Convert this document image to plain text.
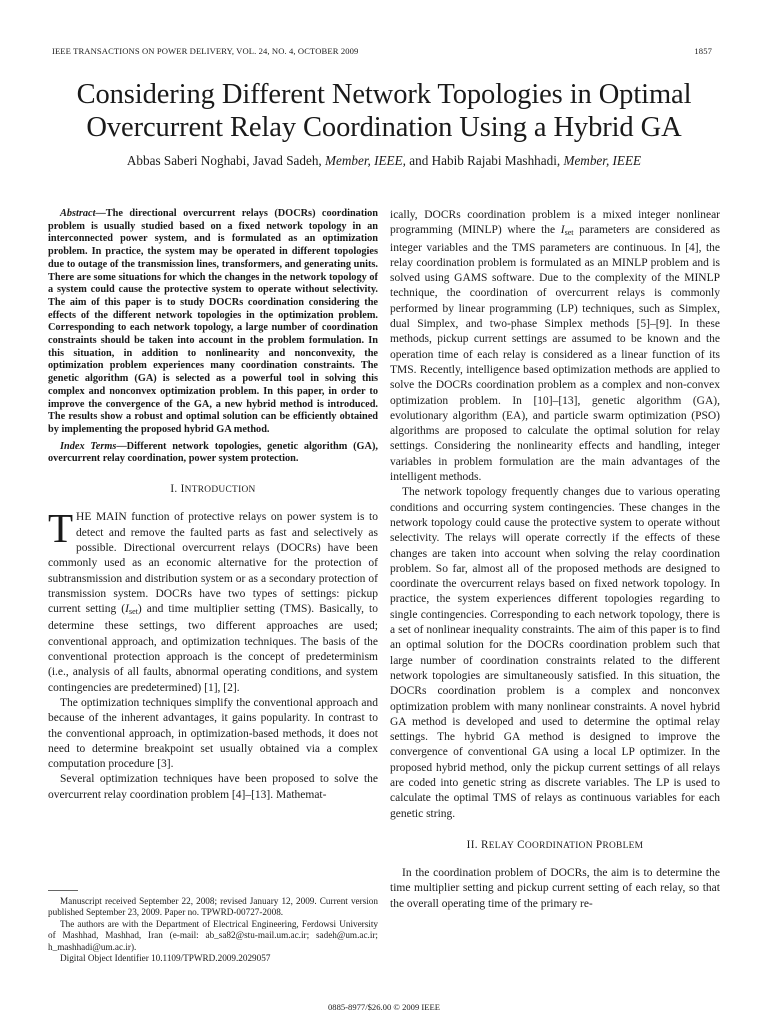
IEEE TRANSACTIONS ON POWER DELIVERY, VOL. 24, NO. 4, OCTOBER 2009	1857
Considering Different Network Topologies in Optimal Overcurrent Relay Coordination Using a Hybrid GA
Abbas Saberi Noghabi, Javad Sadeh, Member, IEEE, and Habib Rajabi Mashhadi, Member, IEEE

Abstract—The directional overcurrent relays (DOCRs) coordination problem is usually studied based on a fixed network topology in an interconnected power system, and is formulated as an optimization problem. In practice, the system may be operated in different topologies due to outage of the transmission lines, transformers, and generating units. There are some situations for which the changes in the network topology of a system could cause the protective system to operate without selectivity. The aim of this paper is to study DOCRs coordination considering the effects of the different network topologies in the optimization problem. Corresponding to each network topology, a large number of coordination constraints should be taken into account in the problem formulation. In this situation, in addition to nonlinearity and nonconvexity, the optimization problem experiences many coordination constraints. The genetic algorithm (GA) is selected as a powerful tool in solving this complex and nonconvex optimization problem. In this paper, in order to improve the convergence of the GA, a new hybrid method is introduced. The results show a robust and optimal solution can be efficiently obtained by implementing the proposed hybrid GA method.

Index Terms—Different network topologies, genetic algorithm (GA), overcurrent relay coordination, power system protection.

I. INTRODUCTION

THE MAIN function of protective relays on power system is to detect and remove the faulted parts as fast and selectively as possible. Directional overcurrent relays (DOCRs) have been commonly used as an economic alternative for the protection of subtransmission and distribution system or as a secondary protection of transmission system. DOCRs have two types of settings: pickup current setting $(I_{set})$ and time multiplier setting (TMS). Basically, to determine these settings, two different approaches are used; conventional approach, and optimization techniques. The basis of the conventional protection approach is the concept of predeterminism (i.e., analysis of all faults, abnormal operating conditions, and system contingencies are predetermined) [1], [2].

The optimization techniques simplify the conventional approach and because of the inherent advantages, it gains popularity. In contrast to the conventional approach, in optimization-based methods, it does not need to determine breakpoint set usually obtained via a complex computation procedure [3].

Several optimization techniques have been proposed to solve the overcurrent relay coordination problem [4]–[13]. Mathemat-

ically, DOCRs coordination problem is a mixed integer nonlinear programming (MINLP) where the $I_{set}$ parameters are considered as integer variables and the TMS parameters are continuous. In [4], the relay coordination problem is formulated as an MINLP problem and is solved using GAMS software. Due to the complexity of the MINLP technique, the coordination of overcurrent relays is commonly performed by linear programming (LP) techniques, such as Simplex, dual Simplex, and two-phase Simplex methods [5]–[9]. In these methods, pickup current settings are assumed to be known and the operation time of each relay is considered as a linear function of its TMS. Recently, intelligence based optimization methods are applied to solve the DOCRs coordination problem as a complex and non-convex optimization problem. In [10]–[13], genetic algorithm (GA), evolutionary algorithm (EA), and particle swarm optimization (PSO) algorithms are proposed to calculate the optimal solution for relay settings. Considering the nonlinearity effects and handling, integer variables in problem formulation are the main advantages of the intelligent methods.

The network topology frequently changes due to various operating conditions and occurring system contingencies. These changes in the network topology could cause the protective system to operate without selectivity. The relays will operate correctly if the effects of these changes are taken into account when solving the relay coordination problem. So far, almost all of the proposed methods are designed to coordinate the overcurrent relays based on fixed network topology. In practice, the system experiences different topologies regarding to single contingencies. Corresponding to each network topology, there is a set of nonlinear inequality constraints. The aim of this paper is to find an optimal solution for the DOCRs coordination problem such that large number of coordination constraints related to the different network topologies are simultaneously satisfied. In this situation, the DOCRs coordination problem is a complex and nonconvex optimization problem with many nonlinear constraints. A novel hybrid GA method is developed and used to determine the optimal relay settings. The hybrid GA method is designed to improve the convergence of conventional GA using a local LP optimizer. In the proposed hybrid method, only the pickup current settings of all relays are coded into genetic string as discrete variables. The LP is used to calculate the optimal TMS of relays as continuous variables for each genetic string.

II. RELAY COORDINATION PROBLEM

In the coordination problem of DOCRs, the aim is to determine the time multiplier setting and pickup current setting of each relay, so that the overall operating time of the primary re-

Manuscript received September 22, 2008; revised January 12, 2009. Current version published September 23, 2009. Paper no. TPWRD-00727-2008.

The authors are with the Department of Electrical Engineering, Ferdowsi University of Mashhad, Mashhad, Iran (e-mail: ab_sa82@stu-mail.um.ac.ir; sadeh@um.ac.ir; h_mashhadi@um.ac.ir).

Digital Object Identifier 10.1109/TPWRD.2009.2029057

0885-8977/$26.00 © 2009 IEEE
